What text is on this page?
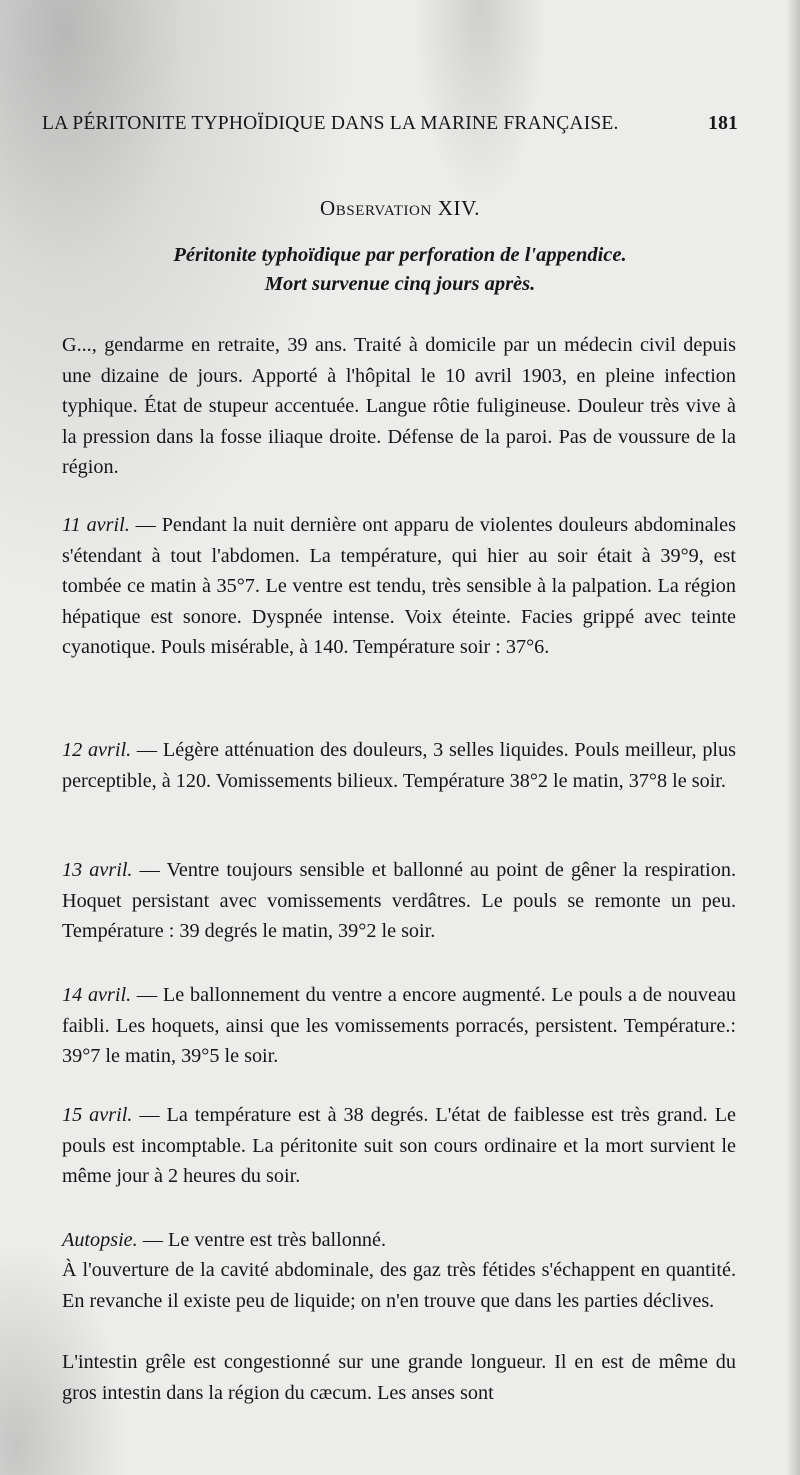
LA PÉRITONITE TYPHOÏDIQUE DANS LA MARINE FRANÇAISE.	181
Observation XIV.
Péritonite typhoïdique par perforation de l'appendice.
Mort survenue cinq jours après.

G..., gendarme en retraite, 39 ans. Traité à domicile par un médecin civil depuis une dizaine de jours. Apporté à l'hôpital le 10 avril 1903, en pleine infection typhique. État de stupeur accentuée. Langue rôtie fuligineuse. Douleur très vive à la pression dans la fosse iliaque droite. Défense de la paroi. Pas de voussure de la région.

11 avril. — Pendant la nuit dernière ont apparu de violentes douleurs abdominales s'étendant à tout l'abdomen. La température, qui hier au soir était à 39°9, est tombée ce matin à 35°7. Le ventre est tendu, très sensible à la palpation. La région hépatique est sonore. Dyspnée intense. Voix éteinte. Facies grippé avec teinte cyanotique. Pouls misérable, à 140. Température soir : 37°6.

12 avril. — Légère atténuation des douleurs, 3 selles liquides. Pouls meilleur, plus perceptible, à 120. Vomissements bilieux. Température 38°2 le matin, 37°8 le soir.

13 avril. — Ventre toujours sensible et ballonné au point de gêner la respiration. Hoquet persistant avec vomissements verdâtres. Le pouls se remonte un peu. Température : 39 degrés le matin, 39°2 le soir.

14 avril. — Le ballonnement du ventre a encore augmenté. Le pouls a de nouveau faibli. Les hoquets, ainsi que les vomissements porracés, persistent. Température.: 39°7 le matin, 39°5 le soir.

15 avril. — La température est à 38 degrés. L'état de faiblesse est très grand. Le pouls est incomptable. La péritonite suit son cours ordinaire et la mort survient le même jour à 2 heures du soir.

Autopsie. — Le ventre est très ballonné.

À l'ouverture de la cavité abdominale, des gaz très fétides s'échappent en quantité. En revanche il existe peu de liquide; on n'en trouve que dans les parties déclives.

L'intestin grêle est congestionné sur une grande longueur. Il en est de même du gros intestin dans la région du cæcum. Les anses sont
